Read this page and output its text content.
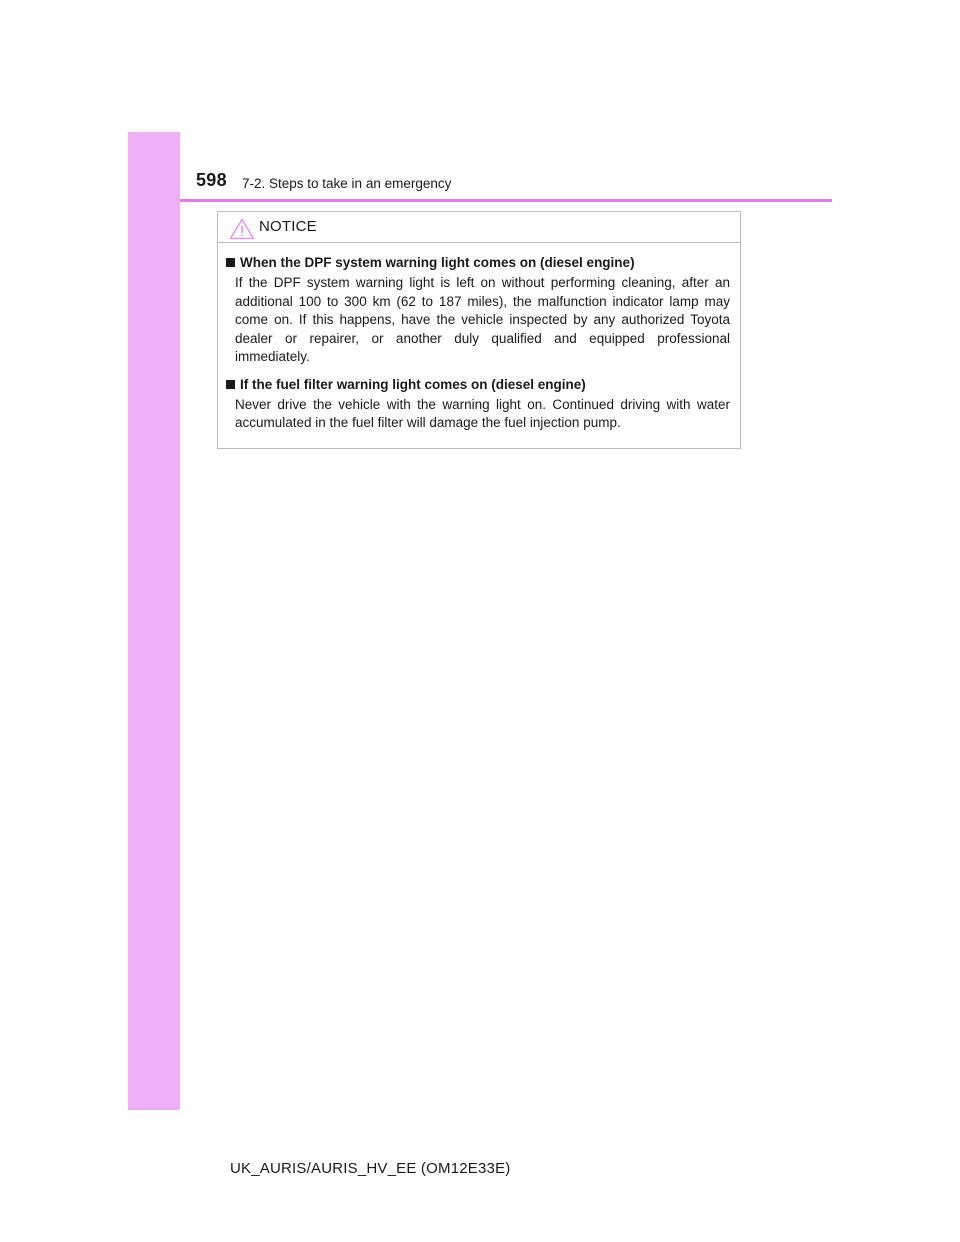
598 7-2. Steps to take in an emergency
NOTICE
When the DPF system warning light comes on (diesel engine)
If the DPF system warning light is left on without performing cleaning, after an additional 100 to 300 km (62 to 187 miles), the malfunction indicator lamp may come on. If this happens, have the vehicle inspected by any authorized Toyota dealer or repairer, or another duly qualified and equipped professional immediately.
If the fuel filter warning light comes on (diesel engine)
Never drive the vehicle with the warning light on. Continued driving with water accumulated in the fuel filter will damage the fuel injection pump.
UK_AURIS/AURIS_HV_EE (OM12E33E)
